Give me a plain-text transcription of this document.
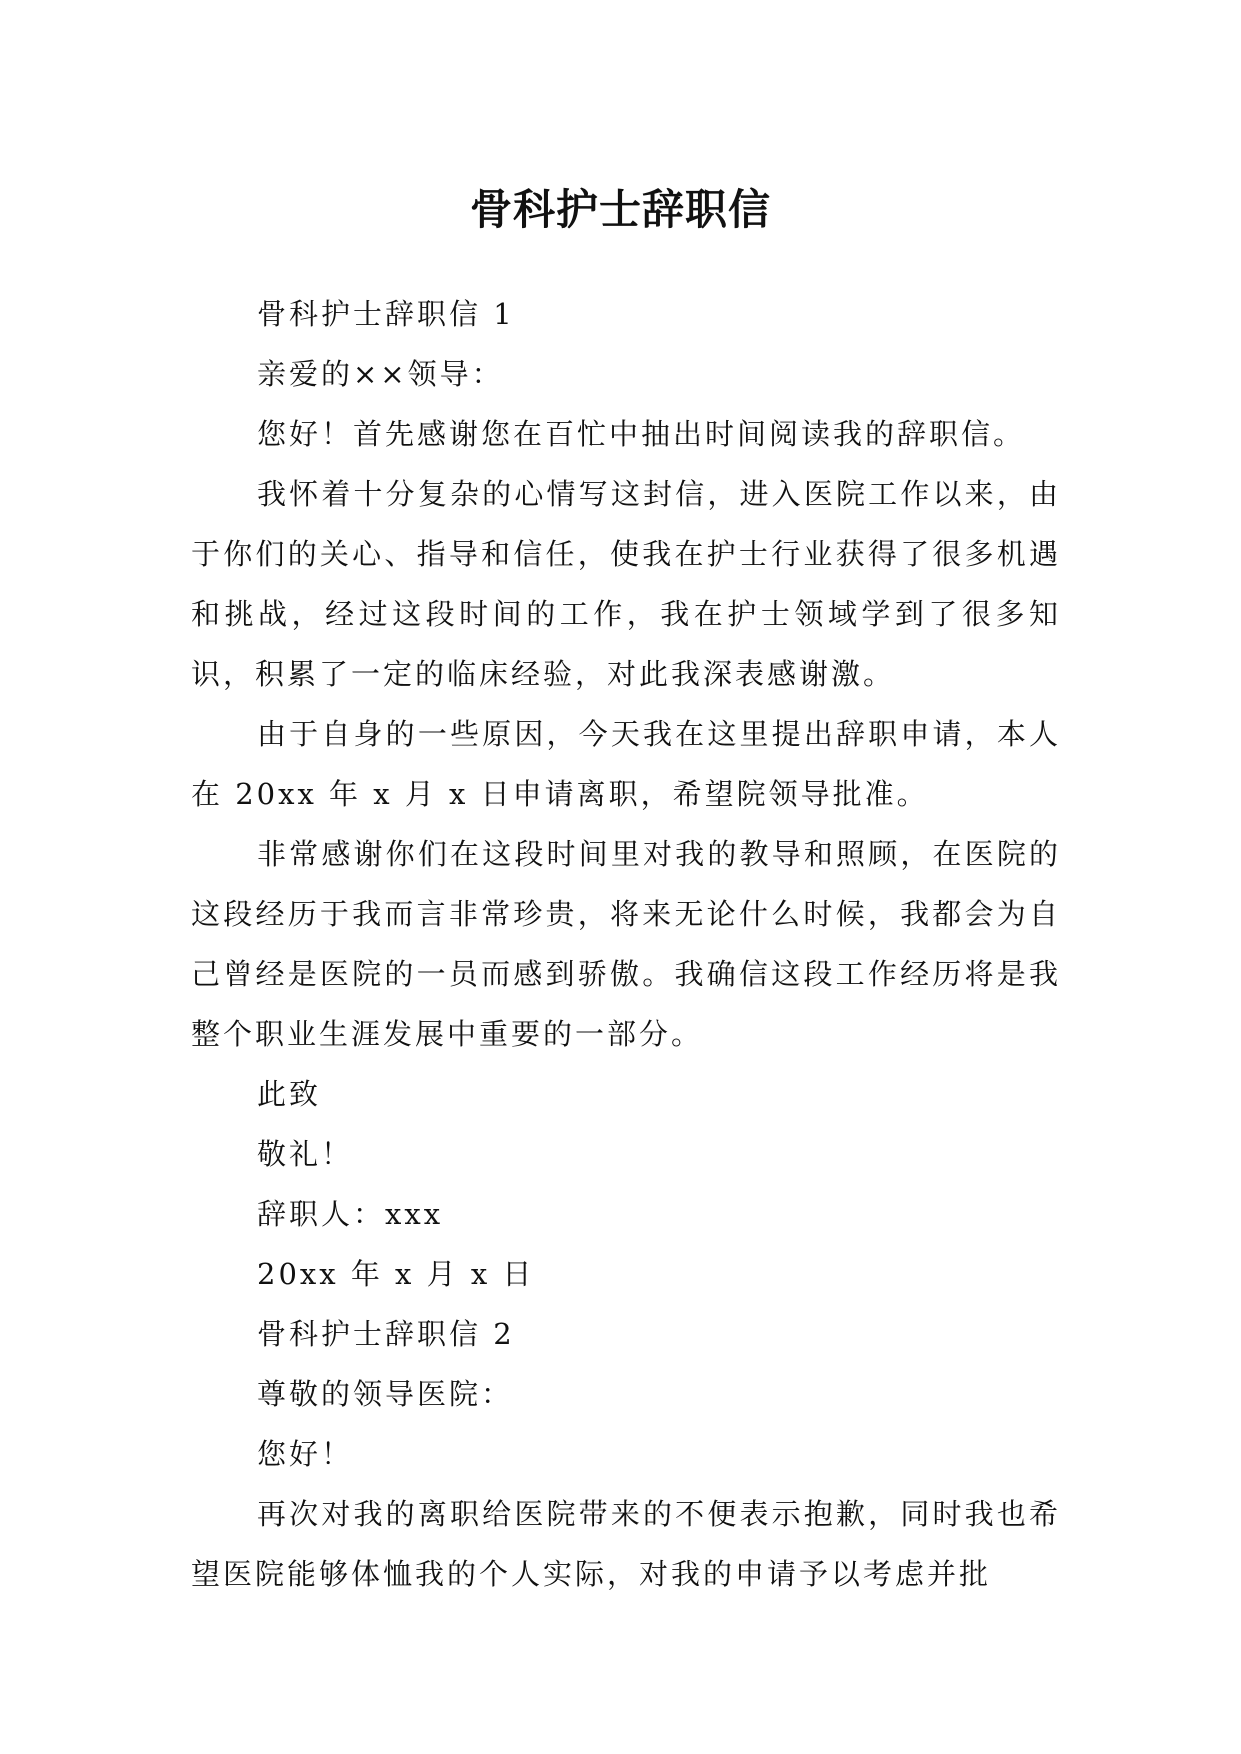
骨科护士辞职信

骨科护士辞职信 1

亲爱的××领导：

您好！首先感谢您在百忙中抽出时间阅读我的辞职信。

我怀着十分复杂的心情写这封信，进入医院工作以来，由于你们的关心、指导和信任，使我在护士行业获得了很多机遇和挑战，经过这段时间的工作，我在护士领域学到了很多知识，积累了一定的临床经验，对此我深表感谢激。

由于自身的一些原因，今天我在这里提出辞职申请，本人在 20xx 年 x 月 x 日申请离职，希望院领导批准。

非常感谢你们在这段时间里对我的教导和照顾，在医院的这段经历于我而言非常珍贵，将来无论什么时候，我都会为自己曾经是医院的一员而感到骄傲。我确信这段工作经历将是我整个职业生涯发展中重要的一部分。

此致

敬礼！

辞职人：xxx

20xx 年 x 月 x 日

骨科护士辞职信 2

尊敬的领导医院：

您好！

再次对我的离职给医院带来的不便表示抱歉，同时我也希望医院能够体恤我的个人实际，对我的申请予以考虑并批
